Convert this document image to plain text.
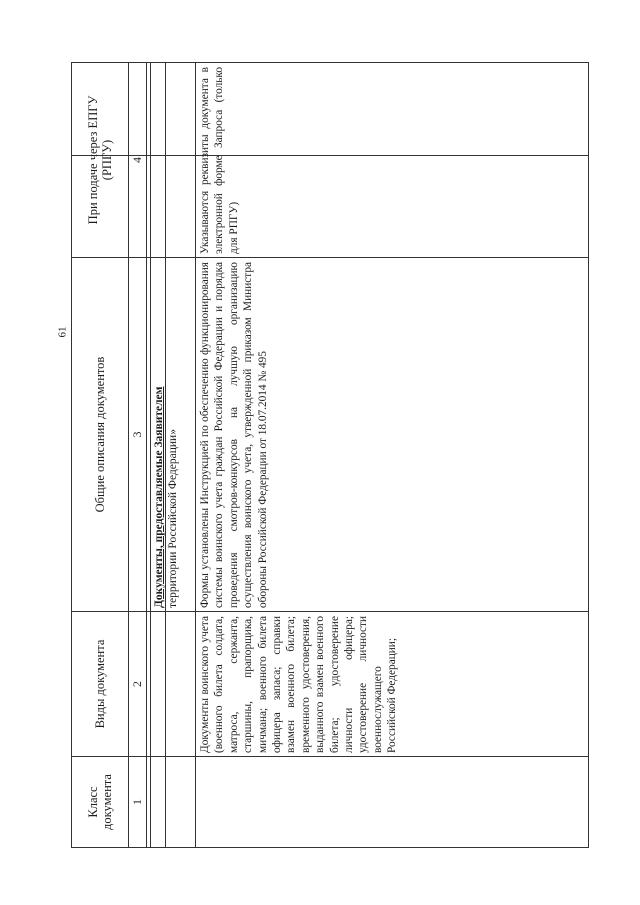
61
Класс документа
Виды документа
Общие описания документов
При подаче через ЕПГУ (РПГУ)
1
2
3
4
Документы, предоставляемые Заявителем территории Российской Федерации»
Документы воинского учета (военного билета солдата, матроса, сержанта, старшины, прапорщика, мичмана; военного билета офицера запаса; справки взамен военного билета; временного удостоверения, выданного взамен военного билета; удостоверение личности офицера; удостоверение личности военнослужащего Российской Федерации;
Формы установлены Инструкцией по обеспечению функционирования системы воинского учета граждан Российской Федерации и порядка проведения смотров-конкурсов на лучшую организацию осуществления воинского учета, утвержденной приказом Министра обороны Российской Федерации от 18.07.2014 № 495
Указываются реквизиты документа в электронной форме Запроса (только для РПГУ)
